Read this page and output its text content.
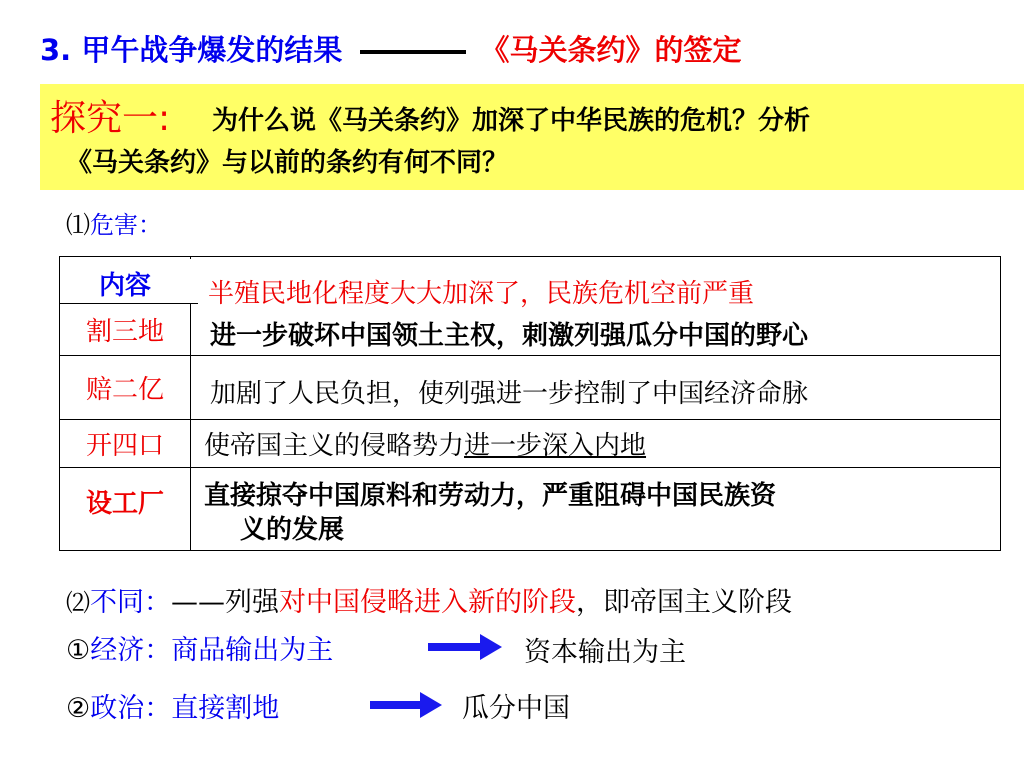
3. 甲午战争爆发的结果	《马关条约》的签定
探究一: 为什么说《马关条约》加深了中华民族的危机？分析
《马关条约》与以前的条约有何不同？
⑴危害：
内容	半殖民地化程度大大加深了，民族危机空前严重
割三地	进一步破坏中国领土主权，刺激列强瓜分中国的野心
赔二亿	加剧了人民负担，使列强进一步控制了中国经济命脉
开四口	使帝国主义的侵略势力进一步深入内地
设工厂	直接掠夺中国原料和劳动力，严重阻碍中国民族资
义的发展
⑵不同：——列强对中国侵略进入新的阶段，即帝国主义阶段
①经济：商品输出为主	资本输出为主
②政治：直接割地	瓜分中国
